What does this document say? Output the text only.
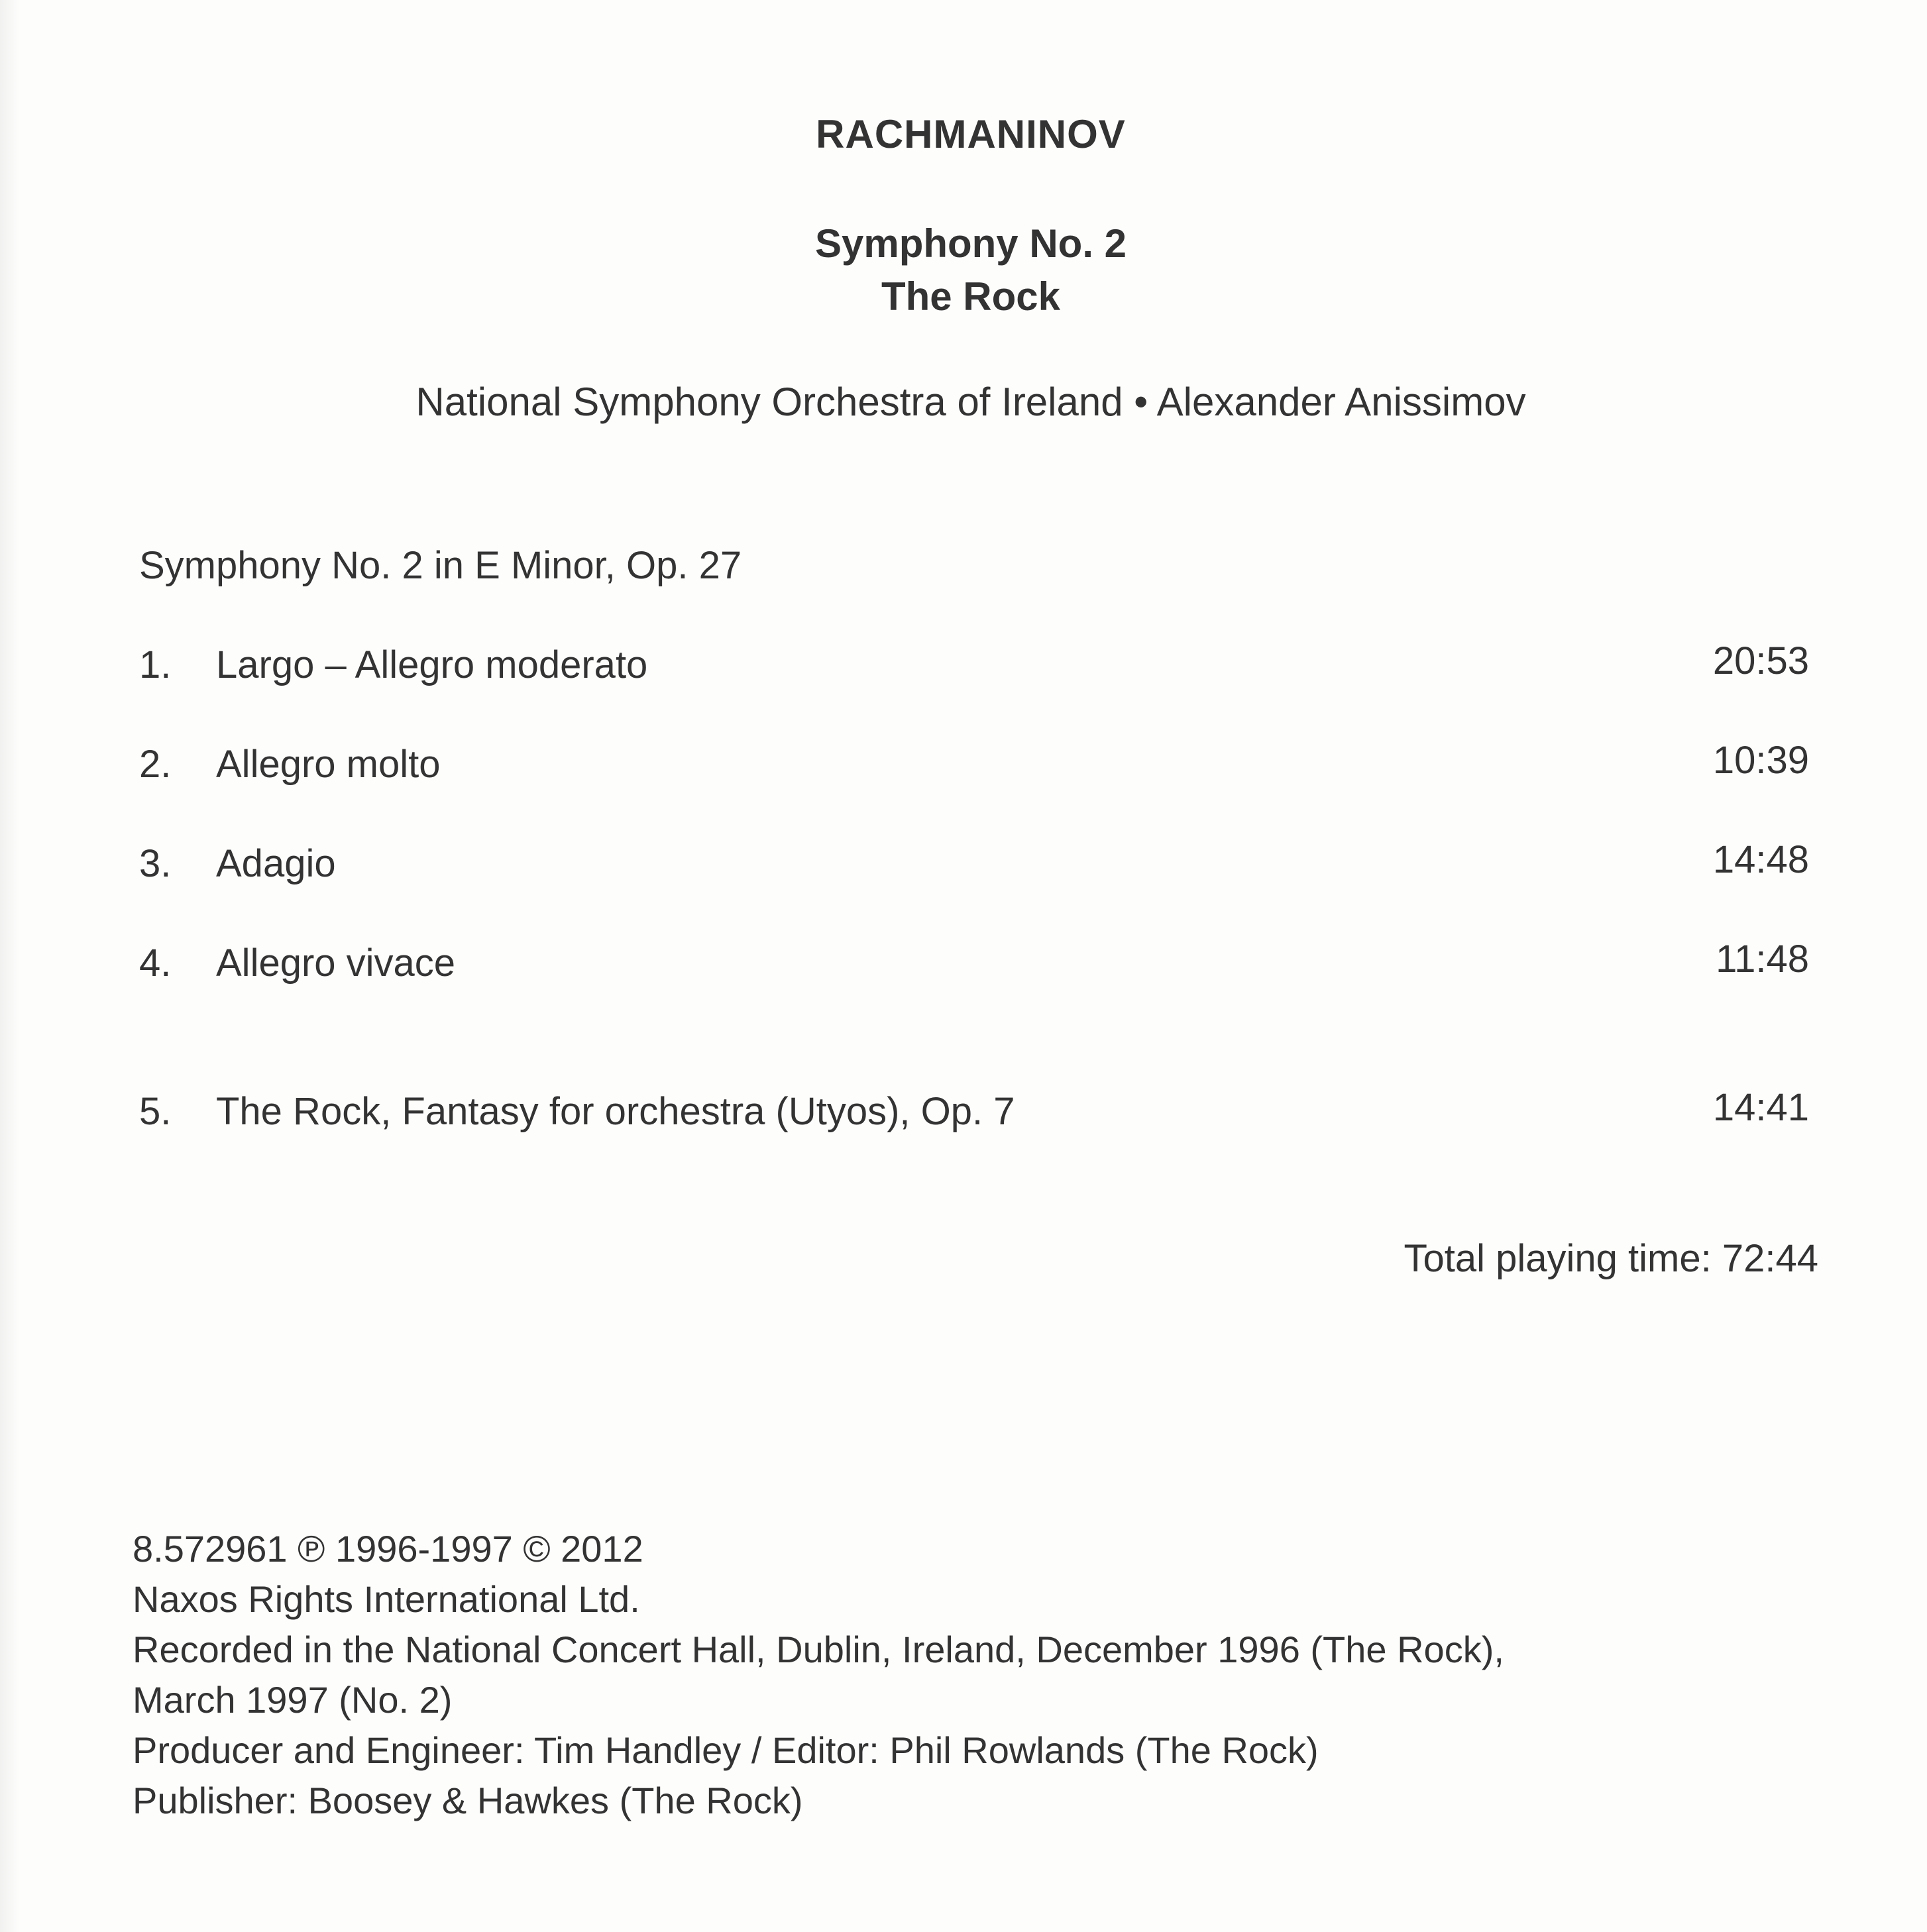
RACHMANINOV
Symphony No. 2
The Rock
National Symphony Orchestra of Ireland • Alexander Anissimov
Symphony No. 2 in E Minor, Op. 27
1. Largo – Allegro moderato	20:53
2. Allegro molto	10:39
3. Adagio	14:48
4. Allegro vivace	11:48
5. The Rock, Fantasy for orchestra (Utyos), Op. 7	14:41
Total playing time: 72:44
8.572961 ℗ 1996-1997 © 2012
Naxos Rights International Ltd.
Recorded in the National Concert Hall, Dublin, Ireland, December 1996 (The Rock),
March 1997 (No. 2)
Producer and Engineer: Tim Handley / Editor: Phil Rowlands (The Rock)
Publisher: Boosey & Hawkes (The Rock)
